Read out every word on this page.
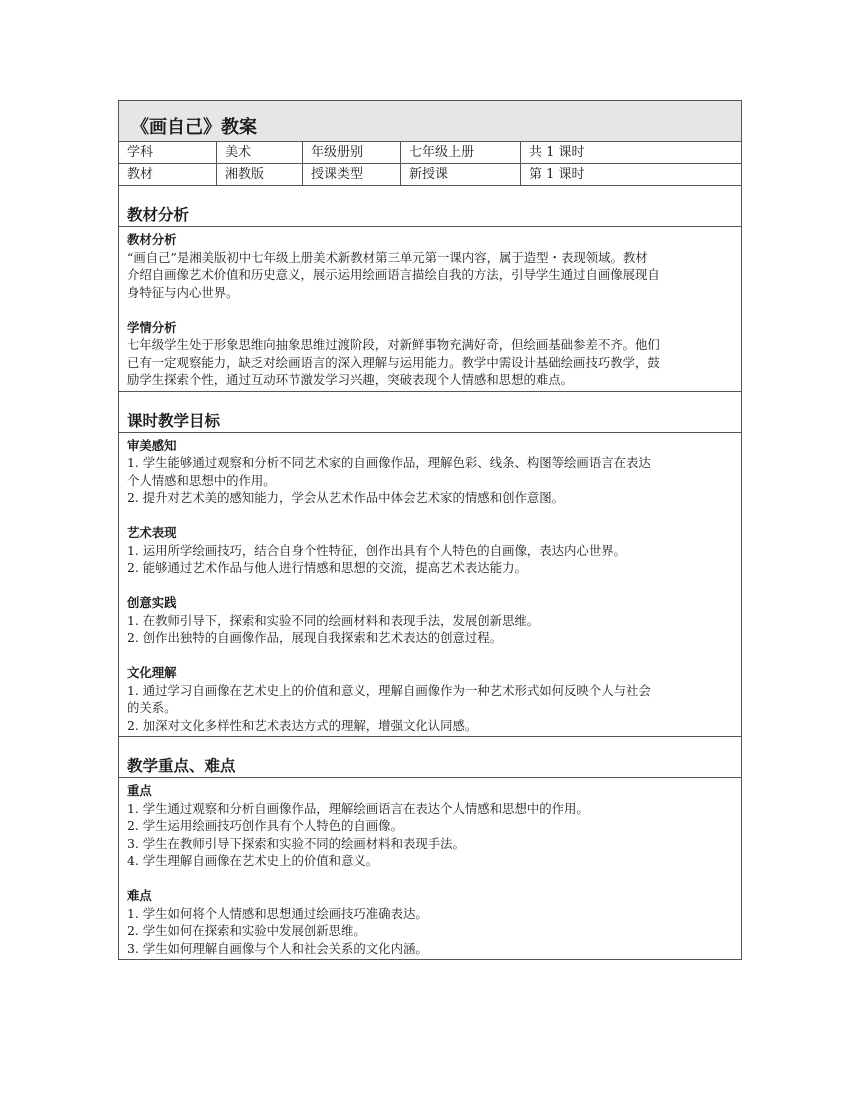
《画自己》教案
学科	美术	年级册别	七年级上册	共 1 课时
教材	湘教版	授课类型	新授课	第 1 课时
教材分析

教材分析

“画自己”是湘美版初中七年级上册美术新教材第三单元第一课内容，属于造型・表现领域。教材

介绍自画像艺术价值和历史意义，展示运用绘画语言描绘自我的方法，引导学生通过自画像展现自

身特征与内心世界。

学情分析

七年级学生处于形象思维向抽象思维过渡阶段，对新鲜事物充满好奇，但绘画基础参差不齐。他们

已有一定观察能力，缺乏对绘画语言的深入理解与运用能力。教学中需设计基础绘画技巧教学，鼓

励学生探索个性，通过互动环节激发学习兴趣，突破表现个人情感和思想的难点。

课时教学目标

审美感知

1. 学生能够通过观察和分析不同艺术家的自画像作品，理解色彩、线条、构图等绘画语言在表达

个人情感和思想中的作用。

2. 提升对艺术美的感知能力，学会从艺术作品中体会艺术家的情感和创作意图。

艺术表现

1. 运用所学绘画技巧，结合自身个性特征，创作出具有个人特色的自画像，表达内心世界。

2. 能够通过艺术作品与他人进行情感和思想的交流，提高艺术表达能力。

创意实践

1. 在教师引导下，探索和实验不同的绘画材料和表现手法，发展创新思维。

2. 创作出独特的自画像作品，展现自我探索和艺术表达的创意过程。

文化理解

1. 通过学习自画像在艺术史上的价值和意义，理解自画像作为一种艺术形式如何反映个人与社会

的关系。

2. 加深对文化多样性和艺术表达方式的理解，增强文化认同感。

教学重点、难点

重点

1. 学生通过观察和分析自画像作品，理解绘画语言在表达个人情感和思想中的作用。

2. 学生运用绘画技巧创作具有个人特色的自画像。

3. 学生在教师引导下探索和实验不同的绘画材料和表现手法。

4. 学生理解自画像在艺术史上的价值和意义。

难点

1. 学生如何将个人情感和思想通过绘画技巧准确表达。

2. 学生如何在探索和实验中发展创新思维。

3. 学生如何理解自画像与个人和社会关系的文化内涵。
